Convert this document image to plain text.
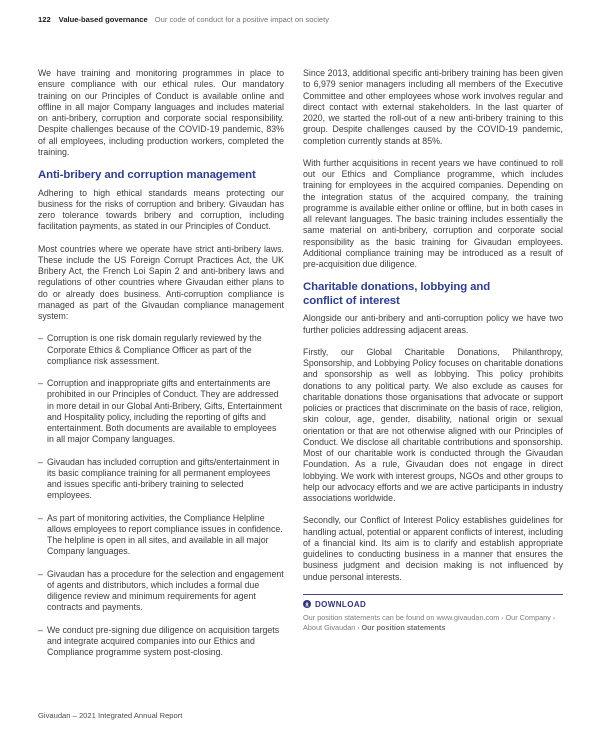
122 Value-based governance Our code of conduct for a positive impact on society

We have training and monitoring programmes in place to ensure compliance with our ethical rules. Our mandatory training on our Principles of Conduct is available online and offline in all major Company languages and includes material on anti-bribery, corruption and corporate social responsibility. Despite challenges because of the COVID-19 pandemic, 83% of all employees, including production workers, completed the training.

Anti-bribery and corruption management

Adhering to high ethical standards means protecting our business for the risks of corruption and bribery. Givaudan has zero tolerance towards bribery and corruption, including facilitation payments, as stated in our Principles of Conduct.

Most countries where we operate have strict anti-bribery laws. These include the US Foreign Corrupt Practices Act, the UK Bribery Act, the French Loi Sapin 2 and anti-bribery laws and regulations of other countries where Givaudan either plans to do or already does business. Anti-corruption compliance is managed as part of the Givaudan compliance management system:

– Corruption is one risk domain regularly reviewed by the Corporate Ethics & Compliance Officer as part of the compliance risk assessment.
– Corruption and inappropriate gifts and entertainments are prohibited in our Principles of Conduct. They are addressed in more detail in our Global Anti-Bribery, Gifts, Entertainment and Hospitality policy, including the reporting of gifts and entertainment. Both documents are available to employees in all major Company languages.
– Givaudan has included corruption and gifts/entertainment in its basic compliance training for all permanent employees and issues specific anti-bribery training to selected employees.
– As part of monitoring activities, the Compliance Helpline allows employees to report compliance issues in confidence. The helpline is open in all sites, and available in all major Company languages.
– Givaudan has a procedure for the selection and engagement of agents and distributors, which includes a formal due diligence review and minimum requirements for agent contracts and payments.
– We conduct pre-signing due diligence on acquisition targets and integrate acquired companies into our Ethics and Compliance programme system post-closing.

Since 2013, additional specific anti-bribery training has been given to 6,979 senior managers including all members of the Executive Committee and other employees whose work involves regular and direct contact with external stakeholders. In the last quarter of 2020, we started the roll-out of a new anti-bribery training to this group. Despite challenges caused by the COVID-19 pandemic, completion currently stands at 85%.

With further acquisitions in recent years we have continued to roll out our Ethics and Compliance programme, which includes training for employees in the acquired companies. Depending on the integration status of the acquired company, the training programme is available either online or offline, but in both cases in all relevant languages. The basic training includes essentially the same material on anti-bribery, corruption and corporate social responsibility as the basic training for Givaudan employees. Additional compliance training may be introduced as a result of pre-acquisition due diligence.

Charitable donations, lobbying and
conflict of interest

Alongside our anti-bribery and anti-corruption policy we have two further policies addressing adjacent areas.

Firstly, our Global Charitable Donations, Philanthropy, Sponsorship, and Lobbying Policy focuses on charitable donations and sponsorship as well as lobbying. This policy prohibits donations to any political party. We also exclude as causes for charitable donations those organisations that advocate or support policies or practices that discriminate on the basis of race, religion, skin colour, age, gender, disability, national origin or sexual orientation or that are not otherwise aligned with our Principles of Conduct. We disclose all charitable contributions and sponsorship. Most of our charitable work is conducted through the Givaudan Foundation. As a rule, Givaudan does not engage in direct lobbying. We work with interest groups, NGOs and other groups to help our advocacy efforts and we are active participants in industry associations worldwide.

Secondly, our Conflict of Interest Policy establishes guidelines for handling actual, potential or apparent conflicts of interest, including of a financial kind. Its aim is to clarify and establish appropriate guidelines to conducting business in a manner that ensures the business judgment and decision making is not influenced by undue personal interests.

DOWNLOAD
Our position statements can be found on www.givaudan.com › Our Company › About Givaudan › Our position statements
Givaudan – 2021 Integrated Annual Report
